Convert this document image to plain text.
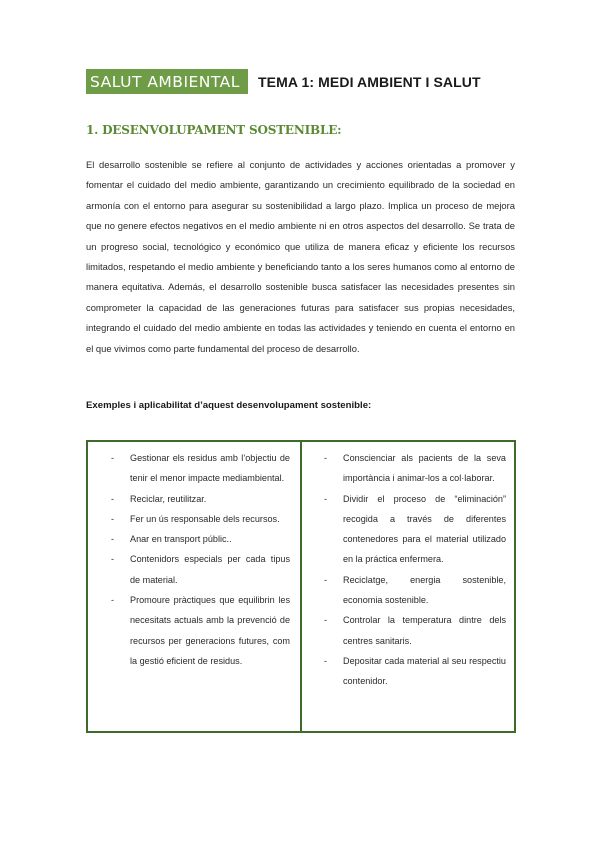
SALUT AMBIENTAL	TEMA 1: MEDI AMBIENT I SALUT
1. DESENVOLUPAMENT SOSTENIBLE:

El desarrollo sostenible se refiere al conjunto de actividades y acciones orientadas a promover y fomentar el cuidado del medio ambiente, garantizando un crecimiento equilibrado de la sociedad en armonía con el entorno para asegurar su sostenibilidad a largo plazo. Implica un proceso de mejora que no genere efectos negativos en el medio ambiente ni en otros aspectos del desarrollo. Se trata de un progreso social, tecnológico y económico que utiliza de manera eficaz y eficiente los recursos limitados, respetando el medio ambiente y beneficiando tanto a los seres humanos como al entorno de manera equitativa. Además, el desarrollo sostenible busca satisfacer las necesidades presentes sin comprometer la capacidad de las generaciones futuras para satisfacer sus propias necesidades, integrando el cuidado del medio ambiente en todas las actividades y teniendo en cuenta el entorno en el que vivimos como parte fundamental del proceso de desarrollo.

Exemples i aplicabilitat d’aquest desenvolupament sostenible:
- Gestionar els residus amb l’objectiu de tenir el menor impacte mediambiental.
- Reciclar, reutilitzar.
- Fer un ús responsable dels recursos.
- Anar en transport públic..
- Contenidors especials per cada tipus de material.
- Promoure pràctiques que equilibrin les necesitats actuals amb la prevenció de recursos per generacions futures, com la gestió eficient de residus.
- Conscienciar als pacients de la seva importància i animar-los a col·laborar.
- Dividir el proceso de “eliminación” recogida a través de diferentes contenedores para el material utilizado en la práctica enfermera.
- Reciclatge, energia sostenible, economia sostenible.
- Controlar la temperatura dintre dels centres sanitaris.
- Depositar cada material al seu respectiu contenidor.
